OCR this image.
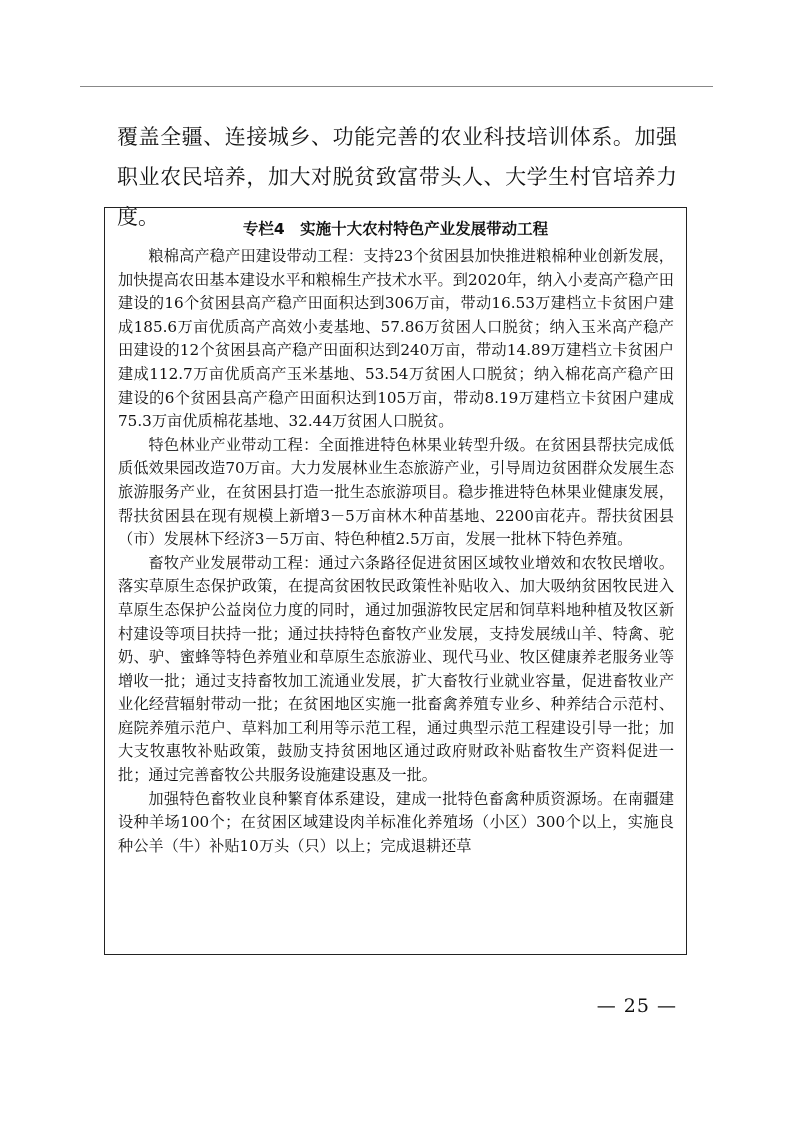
覆盖全疆、连接城乡、功能完善的农业科技培训体系。加强职业农民培养，加大对脱贫致富带头人、大学生村官培养力度。	专栏4　实施十大农村特色产业发展带动工程

粮棉高产稳产田建设带动工程：支持23个贫困县加快推进粮棉种业创新发展，加快提高农田基本建设水平和粮棉生产技术水平。到2020年，纳入小麦高产稳产田建设的16个贫困县高产稳产田面积达到306万亩，带动16.53万建档立卡贫困户建成185.6万亩优质高产高效小麦基地、57.86万贫困人口脱贫；纳入玉米高产稳产田建设的12个贫困县高产稳产田面积达到240万亩，带动14.89万建档立卡贫困户建成112.7万亩优质高产玉米基地、53.54万贫困人口脱贫；纳入棉花高产稳产田建设的6个贫困县高产稳产田面积达到105万亩，带动8.19万建档立卡贫困户建成75.3万亩优质棉花基地、32.44万贫困人口脱贫。

特色林业产业带动工程：全面推进特色林果业转型升级。在贫困县帮扶完成低质低效果园改造70万亩。大力发展林业生态旅游产业，引导周边贫困群众发展生态旅游服务产业，在贫困县打造一批生态旅游项目。稳步推进特色林果业健康发展，帮扶贫困县在现有规模上新增3－5万亩林木种苗基地、2200亩花卉。帮扶贫困县（市）发展林下经济3－5万亩、特色种植2.5万亩，发展一批林下特色养殖。

畜牧产业发展带动工程：通过六条路径促进贫困区域牧业增效和农牧民增收。落实草原生态保护政策，在提高贫困牧民政策性补贴收入、加大吸纳贫困牧民进入草原生态保护公益岗位力度的同时，通过加强游牧民定居和饲草料地种植及牧区新村建设等项目扶持一批；通过扶持特色畜牧产业发展，支持发展绒山羊、特禽、驼奶、驴、蜜蜂等特色养殖业和草原生态旅游业、现代马业、牧区健康养老服务业等增收一批；通过支持畜牧加工流通业发展，扩大畜牧行业就业容量，促进畜牧业产业化经营辐射带动一批；在贫困地区实施一批畜禽养殖专业乡、种养结合示范村、庭院养殖示范户、草料加工利用等示范工程，通过典型示范工程建设引导一批；加大支牧惠牧补贴政策，鼓励支持贫困地区通过政府财政补贴畜牧生产资料促进一批；通过完善畜牧公共服务设施建设惠及一批。

加强特色畜牧业良种繁育体系建设，建成一批特色畜禽种质资源场。在南疆建设种羊场100个；在贫困区域建设肉羊标准化养殖场（小区）300个以上，实施良种公羊（牛）补贴10万头（只）以上；完成退耕还草

— 25 —
